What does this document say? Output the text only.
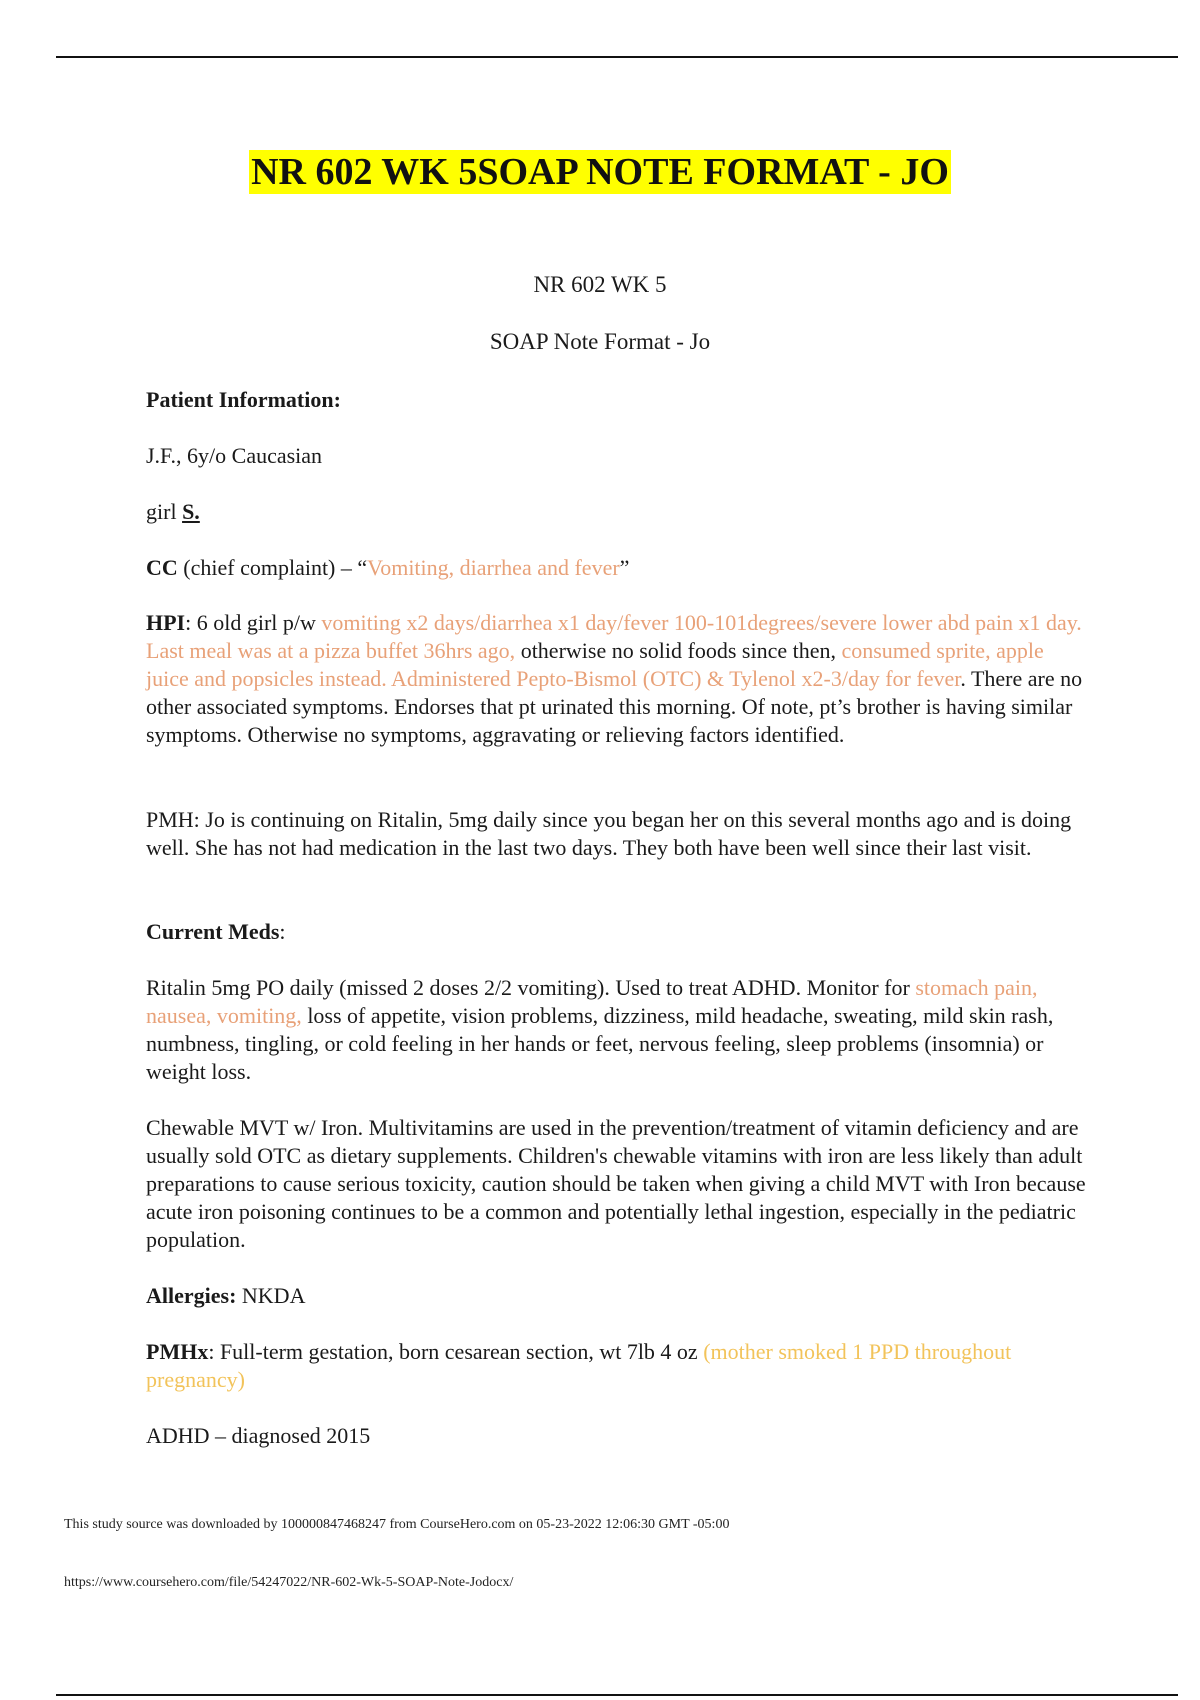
NR 602 WK 5SOAP NOTE FORMAT - JO
NR 602 WK 5
SOAP Note Format - Jo

Patient Information:

J.F., 6y/o Caucasian
girl S.
CC (chief complaint) – “Vomiting, diarrhea and fever”
HPI: 6 old girl p/w vomiting x2 days/diarrhea x1 day/fever 100-101degrees/severe lower abd pain x1 day. Last meal was at a pizza buffet 36hrs ago, otherwise no solid foods since then, consumed sprite, apple juice and popsicles instead. Administered Pepto-Bismol (OTC) & Tylenol x2-3/day for fever. There are no other associated symptoms. Endorses that pt urinated this morning. Of note, pt’s brother is having similar symptoms. Otherwise no symptoms, aggravating or relieving factors identified.
PMH: Jo is continuing on Ritalin, 5mg daily since you began her on this several months ago and is doing well. She has not had medication in the last two days. They both have been well since their last visit.
Current Meds:
Ritalin 5mg PO daily (missed 2 doses 2/2 vomiting). Used to treat ADHD. Monitor for stomach pain, nausea, vomiting, loss of appetite, vision problems, dizziness, mild headache, sweating, mild skin rash, numbness, tingling, or cold feeling in her hands or feet, nervous feeling, sleep problems (insomnia) or weight loss.
Chewable MVT w/ Iron. Multivitamins are used in the prevention/treatment of vitamin deficiency and are usually sold OTC as dietary supplements. Children's chewable vitamins with iron are less likely than adult preparations to cause serious toxicity, caution should be taken when giving a child MVT with Iron because acute iron poisoning continues to be a common and potentially lethal ingestion, especially in the pediatric population.
Allergies: NKDA
PMHx: Full-term gestation, born cesarean section, wt 7lb 4 oz (mother smoked 1 PPD throughout pregnancy)
ADHD – diagnosed 2015
This study source was downloaded by 100000847468247 from CourseHero.com on 05-23-2022 12:06:30 GMT -05:00
https://www.coursehero.com/file/54247022/NR-602-Wk-5-SOAP-Note-Jodocx/
